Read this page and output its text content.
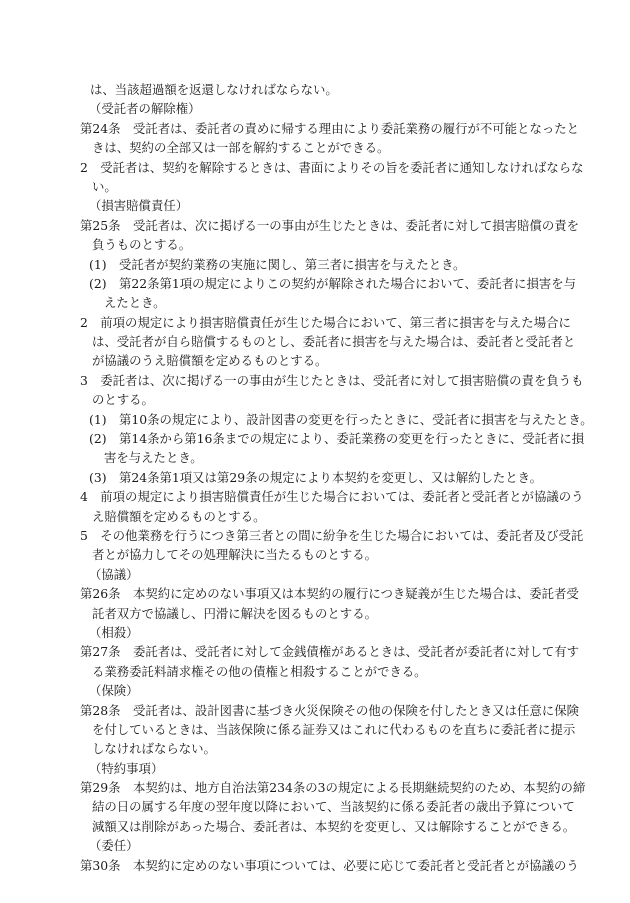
は、当該超過額を返還しなければならない。
（受託者の解除権）
第24条　受託者は、委託者の責めに帰する理由により委託業務の履行が不可能となったと
きは、契約の全部又は一部を解約することができる。
2　受託者は、契約を解除するときは、書面によりその旨を委託者に通知しなければならな
い。
（損害賠償責任）
第25条　受託者は、次に掲げる一の事由が生じたときは、委託者に対して損害賠償の責を
負うものとする。
(1)　受託者が契約業務の実施に関し、第三者に損害を与えたとき。
(2)　第22条第1項の規定によりこの契約が解除された場合において、委託者に損害を与
えたとき。
2　前項の規定により損害賠償責任が生じた場合において、第三者に損害を与えた場合に
は、受託者が自ら賠償するものとし、委託者に損害を与えた場合は、委託者と受託者と
が協議のうえ賠償額を定めるものとする。
3　委託者は、次に掲げる一の事由が生じたときは、受託者に対して損害賠償の責を負うも
のとする。
(1)　第10条の規定により、設計図書の変更を行ったときに、受託者に損害を与えたとき。
(2)　第14条から第16条までの規定により、委託業務の変更を行ったときに、受託者に損
害を与えたとき。
(3)　第24条第1項又は第29条の規定により本契約を変更し、又は解約したとき。
4　前項の規定により損害賠償責任が生じた場合においては、委託者と受託者とが協議のう
え賠償額を定めるものとする。
5　その他業務を行うにつき第三者との間に紛争を生じた場合においては、委託者及び受託
者とが協力してその処理解決に当たるものとする。
（協議）
第26条　本契約に定めのない事項又は本契約の履行につき疑義が生じた場合は、委託者受
託者双方で協議し、円滑に解決を図るものとする。
（相殺）
第27条　委託者は、受託者に対して金銭債権があるときは、受託者が委託者に対して有す
る業務委託料請求権その他の債権と相殺することができる。
（保険）
第28条　受託者は、設計図書に基づき火災保険その他の保険を付したとき又は任意に保険
を付しているときは、当該保険に係る証券又はこれに代わるものを直ちに委託者に提示
しなければならない。
（特約事項）
第29条　本契約は、地方自治法第234条の3の規定による長期継続契約のため、本契約の締
結の日の属する年度の翌年度以降において、当該契約に係る委託者の歳出予算について
減額又は削除があった場合、委託者は、本契約を変更し、又は解除することができる。
（委任）
第30条　本契約に定めのない事項については、必要に応じて委託者と受託者とが協議のう
